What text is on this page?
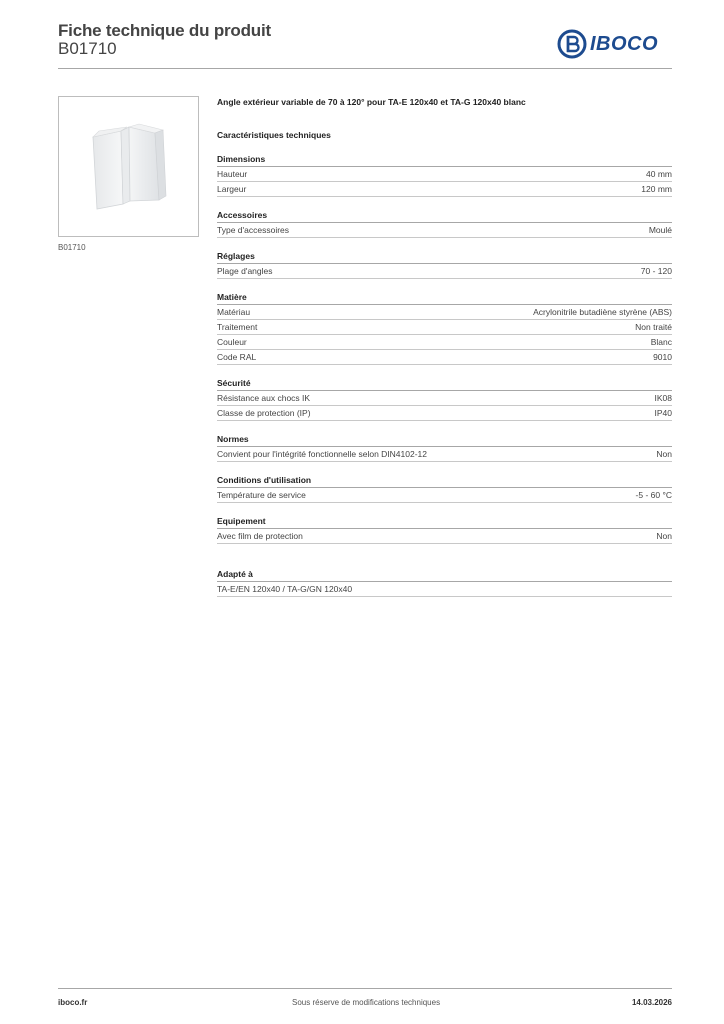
Fiche technique du produit
B01710	IBOCO
B01710
Angle extérieur variable de 70 à 120° pour TA-E 120x40 et TA-G 120x40 blanc
Caractéristiques techniques
Dimensions
Hauteur	40 mm
Largeur	120 mm
Accessoires
Type d'accessoires	Moulé
Réglages
Plage d'angles	70 - 120
Matière
Matériau	Acrylonitrile butadiène styrène (ABS)
Traitement	Non traité
Couleur	Blanc
Code RAL	9010
Sécurité
Résistance aux chocs IK	IK08
Classe de protection (IP)	IP40
Normes
Convient pour l'intégrité fonctionnelle selon DIN4102-12	Non
Conditions d'utilisation
Température de service	-5 - 60 °C
Equipement
Avec film de protection	Non
Adapté à
TA-E/EN 120x40 / TA-G/GN 120x40
iboco.fr	Sous réserve de modifications techniques	14.03.2026
